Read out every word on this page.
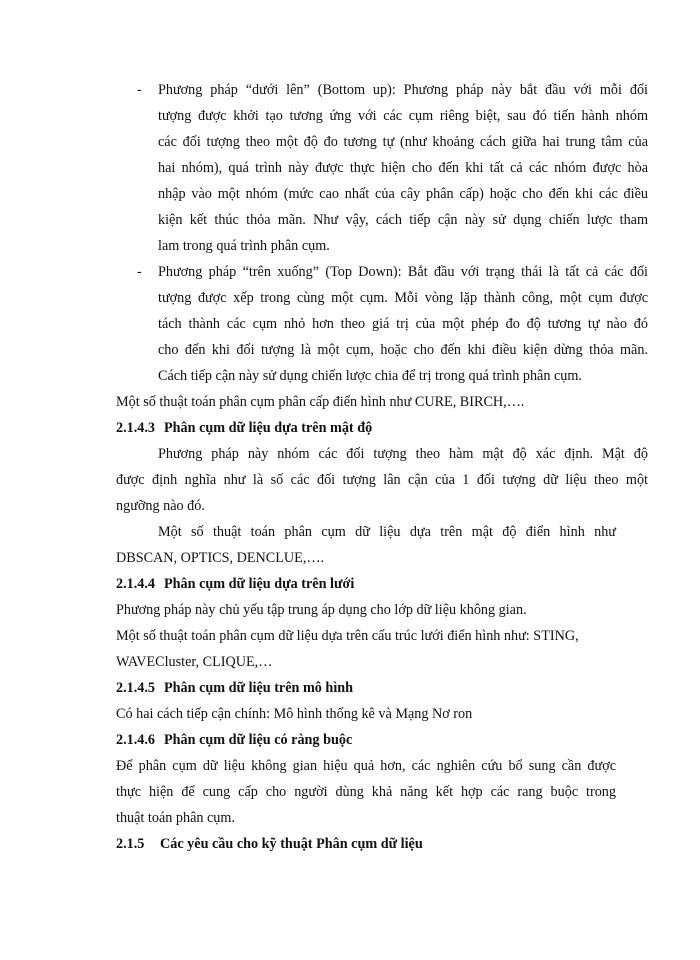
- Phương pháp “dưới lên” (Bottom up): Phương pháp này bắt đầu với mỗi đối
tượng được khởi tạo tương ứng với các cụm riêng biệt, sau đó tiến hành nhóm
các đối tượng theo một độ đo tương tự (như khoảng cách giữa hai trung tâm của
hai nhóm), quá trình này được thực hiện cho đến khi tất cả các nhóm được hòa
nhập vào một nhóm (mức cao nhất của cây phân cấp) hoặc cho đến khi các điều
kiện kết thúc thỏa mãn. Như vậy, cách tiếp cận này sử dụng chiến lược tham
lam trong quá trình phân cụm.
- Phương pháp “trên xuống” (Top Down): Bắt đầu với trạng thái là tất cả các đối
tượng được xếp trong cùng một cụm. Mỗi vòng lặp thành công, một cụm được
tách thành các cụm nhỏ hơn theo giá trị của một phép đo độ tương tự nào đó
cho đến khi đối tượng là một cụm, hoặc cho đến khi điều kiện dừng thỏa mãn.
Cách tiếp cận này sử dụng chiến lược chia để trị trong quá trình phân cụm.
Một số thuật toán phân cụm phân cấp điển hình như CURE, BIRCH,….
2.1.4.3 Phân cụm dữ liệu dựa trên mật độ
Phương pháp này nhóm các đối tượng theo hàm mật độ xác định. Mật độ
được định nghĩa như là số các đối tượng lân cận của 1 đối tượng dữ liệu theo một
ngưỡng nào đó.
Một số thuật toán phân cụm dữ liệu dựa trên mật độ điển hình như
DBSCAN, OPTICS, DENCLUE,….
2.1.4.4 Phân cụm dữ liệu dựa trên lưới
Phương pháp này chủ yếu tập trung áp dụng cho lớp dữ liệu không gian.
Một số thuật toán phân cụm dữ liệu dựa trên cấu trúc lưới điển hình như: STING,
WAVECluster, CLIQUE,…
2.1.4.5 Phân cụm dữ liệu trên mô hình
Có hai cách tiếp cận chính: Mô hình thống kê và Mạng Nơ ron
2.1.4.6 Phân cụm dữ liệu có ràng buộc
Để phân cụm dữ liệu không gian hiệu quả hơn, các nghiên cứu bổ sung cần được
thực hiện để cung cấp cho người dùng khả năng kết hợp các rang buộc trong
thuật toán phân cụm.
2.1.5 Các yêu cầu cho kỹ thuật Phân cụm dữ liệu
